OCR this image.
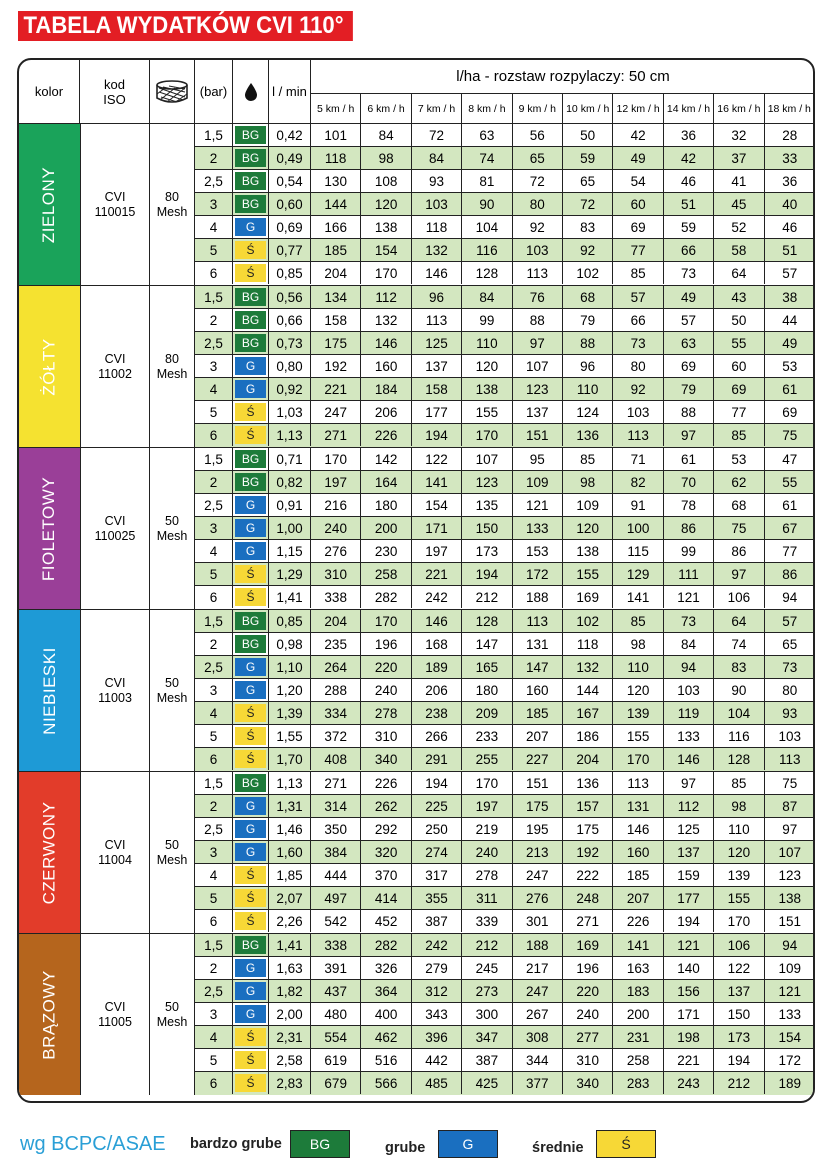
TABELA WYDATKÓW CVI 110°
kolor	kod
ISO	(bar)	l / min
l/ha - rozstaw rozpylaczy: 50 cm
5 km / h	6 km / h	7 km / h	8 km / h	9 km / h 10 km / h 12 km / h 14 km / h 16 km / h 18 km / h
ZIELONY	CVI
110015
80
Mesh
1,5	BG	0,42	101	84	72	63	56	50	42	36	32	28
2	BG	0,49	118	98	84	74	65	59	49	42	37	33
2,5	BG	0,54	130	108	93	81	72	65	54	46	41	36
3	BG	0,60	144	120	103	90	80	72	60	51	45	40
4	G	0,69	166	138	118	104	92	83	69	59	52	46
5	Ś	0,77	185	154	132	116	103	92	77	66	58	51
6	Ś	0,85	204	170	146	128	113	102	85	73	64	57
ŻÓŁTY	CVI
11002
80
Mesh
1,5	BG	0,56	134	112	96	84	76	68	57	49	43	38
2	BG	0,66	158	132	113	99	88	79	66	57	50	44
2,5	BG	0,73	175	146	125	110	97	88	73	63	55	49
3	G	0,80	192	160	137	120	107	96	80	69	60	53
4	G	0,92	221	184	158	138	123	110	92	79	69	61
5	Ś	1,03	247	206	177	155	137	124	103	88	77	69
6	Ś	1,13	271	226	194	170	151	136	113	97	85	75
FIOLETOWY	CVI
110025
50
Mesh
1,5	BG	0,71	170	142	122	107	95	85	71	61	53	47
2	BG	0,82	197	164	141	123	109	98	82	70	62	55
2,5	G	0,91	216	180	154	135	121	109	91	78	68	61
3	G	1,00	240	200	171	150	133	120	100	86	75	67
4	G	1,15	276	230	197	173	153	138	115	99	86	77
5	Ś	1,29	310	258	221	194	172	155	129	111	97	86
6	Ś	1,41	338	282	242	212	188	169	141	121	106	94
NIEBIESKI	CVI
11003
50
Mesh
1,5	BG	0,85	204	170	146	128	113	102	85	73	64	57
2	BG	0,98	235	196	168	147	131	118	98	84	74	65
2,5	G	1,10	264	220	189	165	147	132	110	94	83	73
3	G	1,20	288	240	206	180	160	144	120	103	90	80
4	Ś	1,39	334	278	238	209	185	167	139	119	104	93
5	Ś	1,55	372	310	266	233	207	186	155	133	116	103
6	Ś	1,70	408	340	291	255	227	204	170	146	128	113
CZERWONY	CVI
11004
50
Mesh
1,5	BG	1,13	271	226	194	170	151	136	113	97	85	75
2	G	1,31	314	262	225	197	175	157	131	112	98	87
2,5	G	1,46	350	292	250	219	195	175	146	125	110	97
3	G	1,60	384	320	274	240	213	192	160	137	120	107
4	Ś	1,85	444	370	317	278	247	222	185	159	139	123
5	Ś	2,07	497	414	355	311	276	248	207	177	155	138
6	Ś	2,26	542	452	387	339	301	271	226	194	170	151
BRĄZOWY	CVI
11005
50
Mesh
1,5	BG	1,41	338	282	242	212	188	169	141	121	106	94
2	G	1,63	391	326	279	245	217	196	163	140	122	109
2,5	G	1,82	437	364	312	273	247	220	183	156	137	121
3	G	2,00	480	400	343	300	267	240	200	171	150	133
4	Ś	2,31	554	462	396	347	308	277	231	198	173	154
5	Ś	2,58	619	516	442	387	344	310	258	221	194	172
6	Ś	2,83	679	566	485	425	377	340	283	243	212	189
wg BCPC/ASAE bardzo grube	BG	grube	G	średnie	Ś
